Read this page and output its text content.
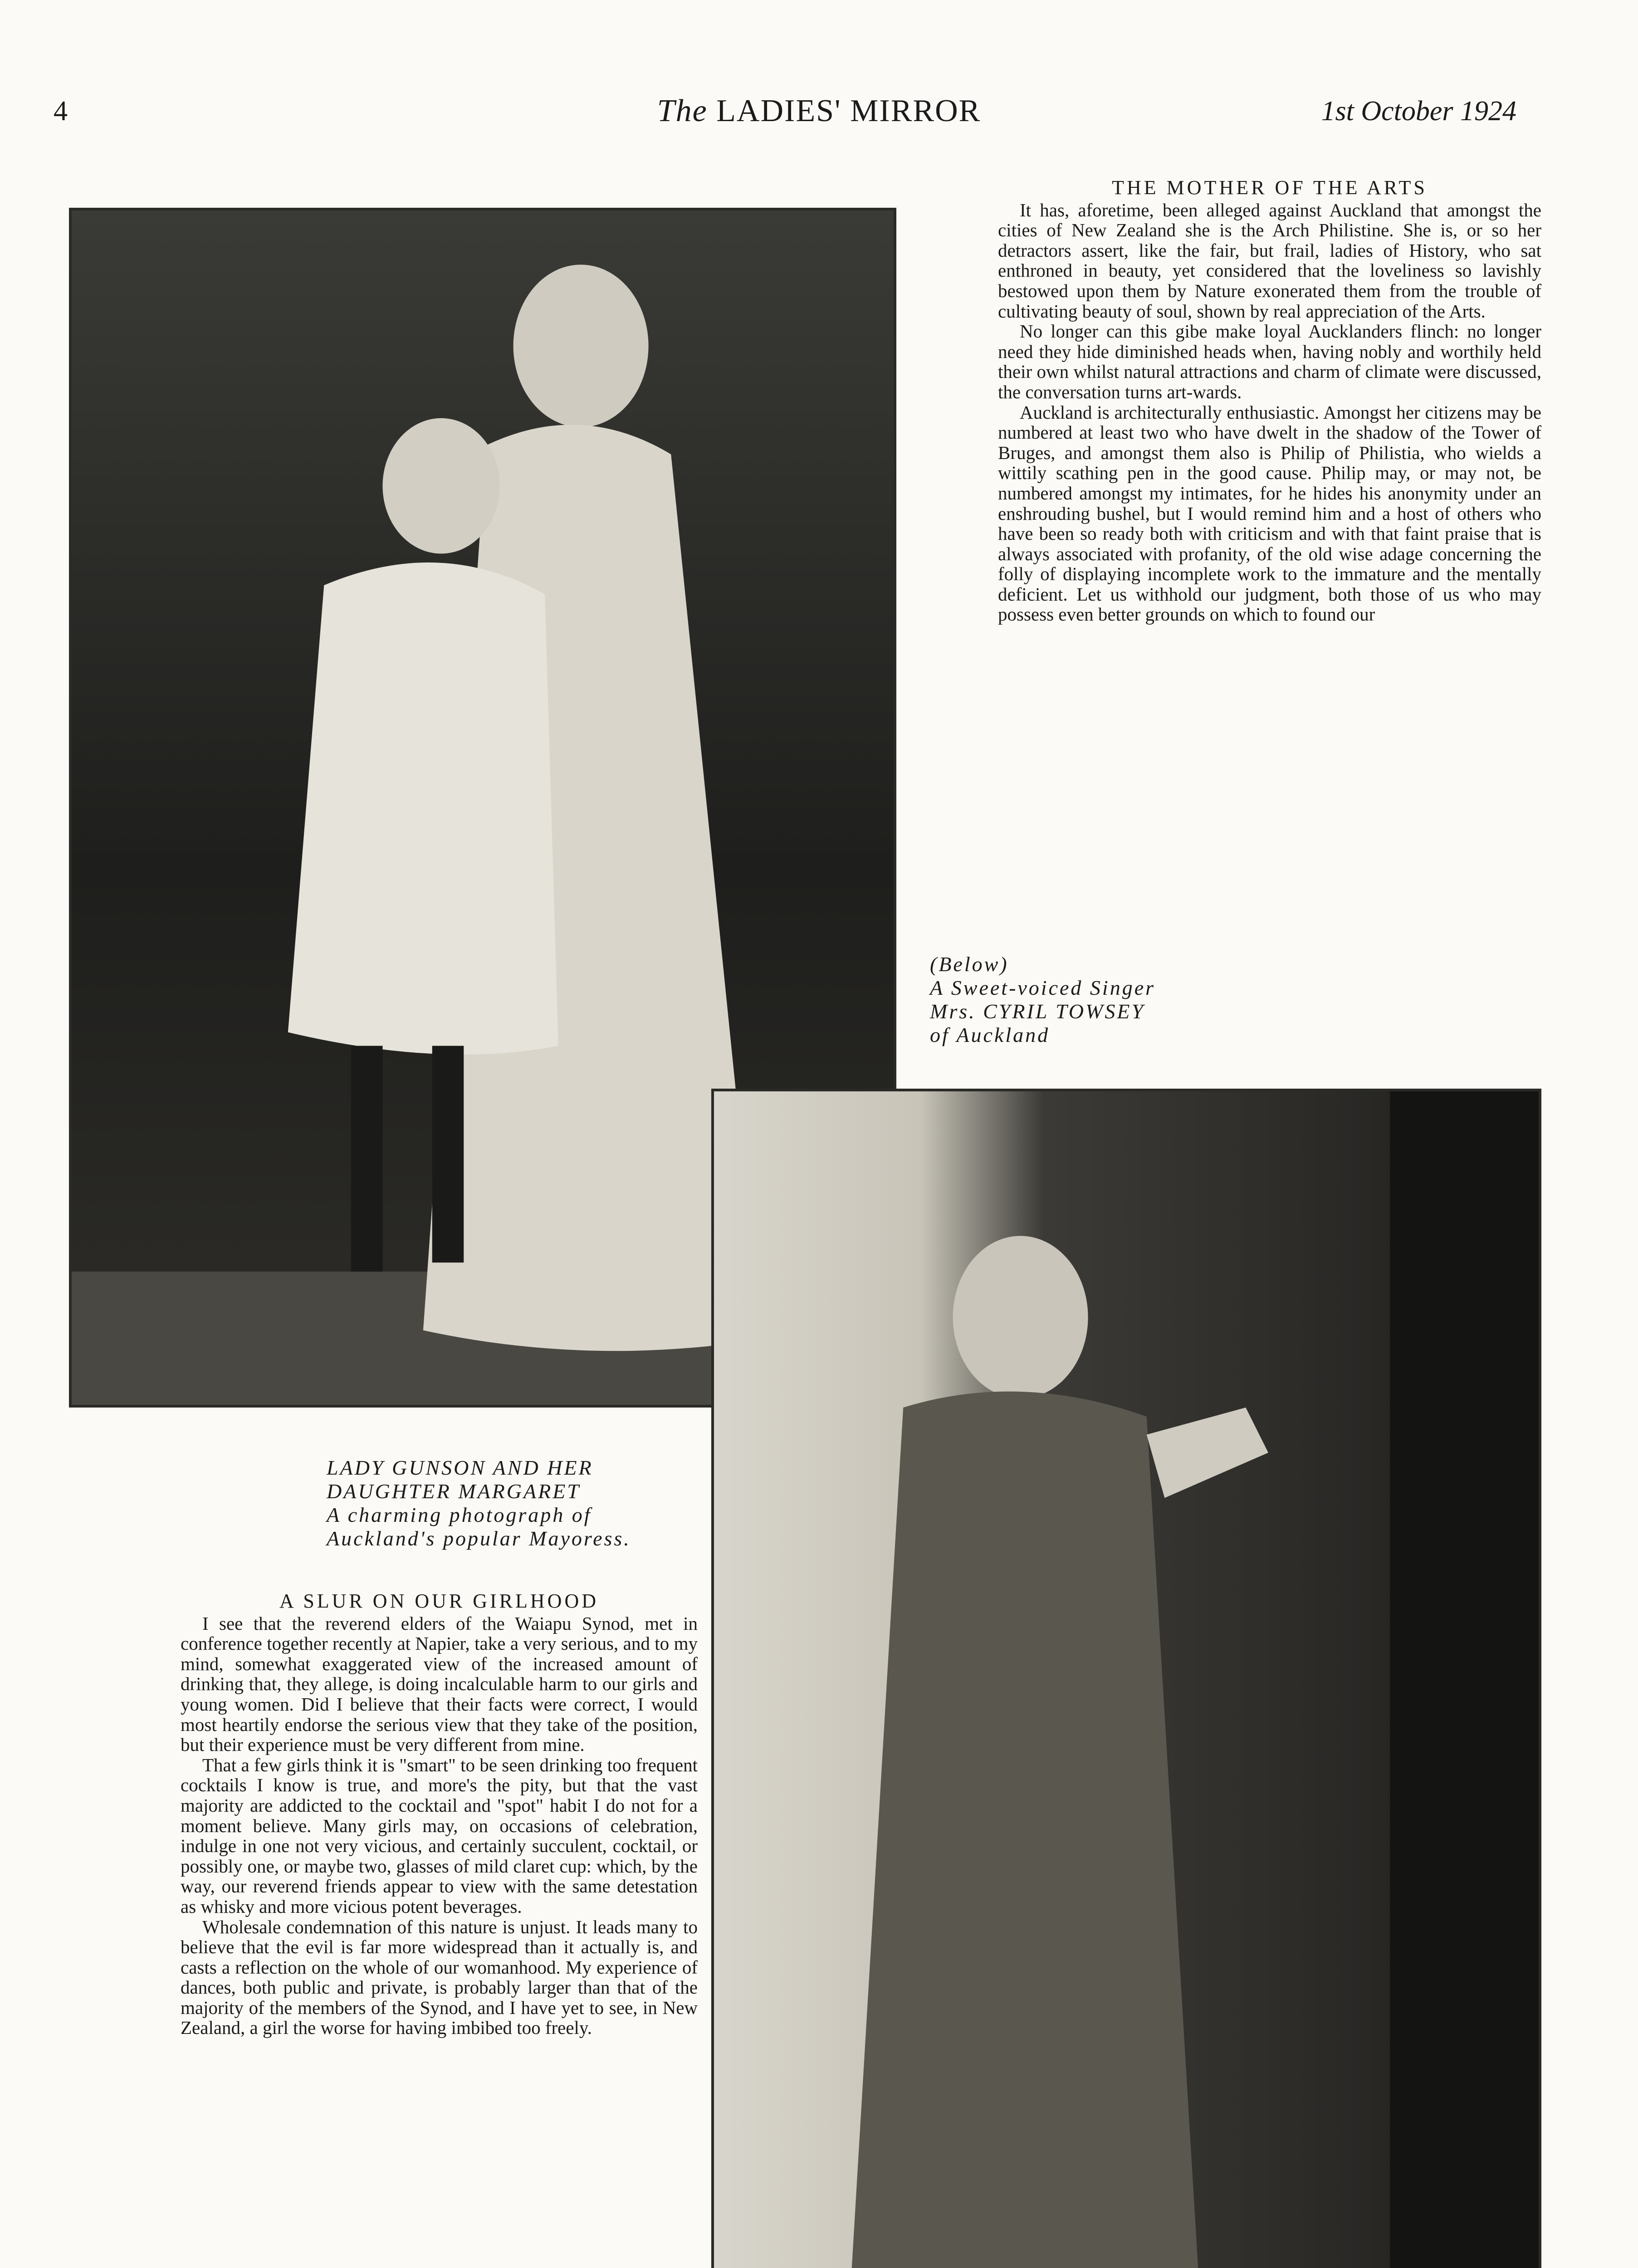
4	The LADIES' MIRROR	1st October 1924
LADY GUNSON AND HER
DAUGHTER MARGARET
A charming photograph of
Auckland's popular Mayoress.
(Below)
A Sweet-voiced Singer
Mrs. CYRIL TOWSEY
of Auckland
THE MOTHER OF THE ARTS

It has, aforetime, been alleged against Auckland that amongst the cities of New Zealand she is the Arch Philistine. She is, or so her detractors assert, like the fair, but frail, ladies of History, who sat enthroned in beauty, yet considered that the loveliness so lavishly bestowed upon them by Nature exonerated them from the trouble of cultivating beauty of soul, shown by real appreciation of the Arts.

No longer can this gibe make loyal Aucklanders flinch: no longer need they hide diminished heads when, having nobly and worthily held their own whilst natural attractions and charm of climate were discussed, the conversation turns art-wards.

Auckland is architecturally enthusiastic. Amongst her citizens may be numbered at least two who have dwelt in the shadow of the Tower of Bruges, and amongst them also is Philip of Philistia, who wields a wittily scathing pen in the good cause. Philip may, or may not, be numbered amongst my intimates, for he hides his anonymity under an enshrouding bushel, but I would remind him and a host of others who have been so ready both with criticism and with that faint praise that is always associated with profanity, of the old wise adage concerning the folly of displaying incomplete work to the immature and the mentally deficient. Let us withhold our judgment, both those of us who may possess even better grounds on which to found our

A SLUR ON OUR GIRLHOOD

I see that the reverend elders of the Waiapu Synod, met in conference together recently at Napier, take a very serious, and to my mind, somewhat exaggerated view of the increased amount of drinking that, they allege, is doing incalculable harm to our girls and young women. Did I believe that their facts were correct, I would most heartily endorse the serious view that they take of the position, but their experience must be very different from mine.

That a few girls think it is "smart" to be seen drinking too frequent cocktails I know is true, and more's the pity, but that the vast majority are addicted to the cocktail and "spot" habit I do not for a moment believe. Many girls may, on occasions of celebration, indulge in one not very vicious, and certainly succulent, cocktail, or possibly one, or maybe two, glasses of mild claret cup: which, by the way, our reverend friends appear to view with the same detestation as whisky and more vicious potent beverages.

Wholesale condemnation of this nature is unjust. It leads many to believe that the evil is far more widespread than it actually is, and casts a reflection on the whole of our womanhood. My experience of dances, both public and private, is probably larger than that of the majority of the members of the Synod, and I have yet to see, in New Zealand, a girl the worse for having imbibed too freely.
